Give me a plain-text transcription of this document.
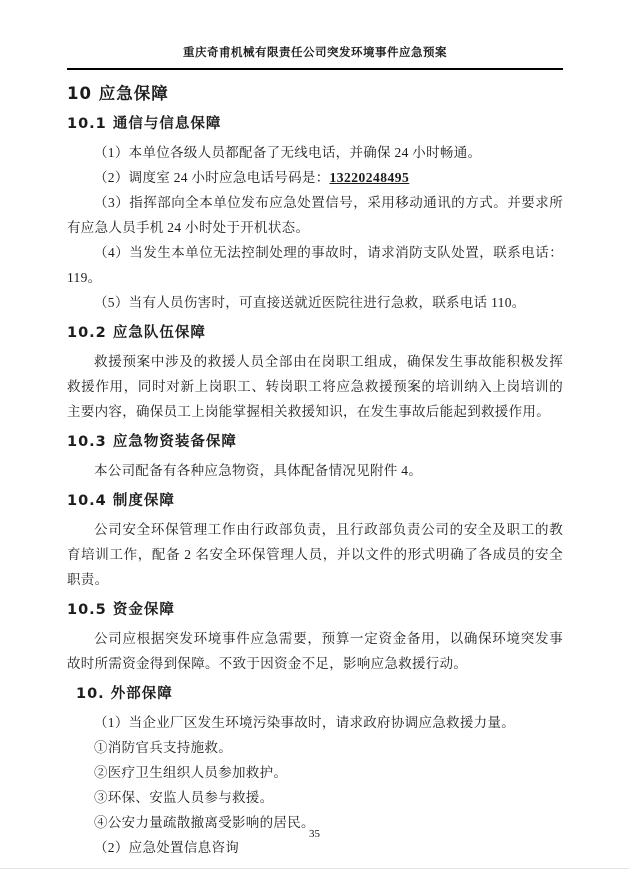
重庆奇甫机械有限责任公司突发环境事件应急预案
10 应急保障
10.1 通信与信息保障

（1）本单位各级人员都配备了无线电话，并确保 24 小时畅通。

（2）调度室 24 小时应急电话号码是：13220248495

（3）指挥部向全本单位发布应急处置信号，采用移动通讯的方式。并要求所有应急人员手机 24 小时处于开机状态。

（4）当发生本单位无法控制处理的事故时，请求消防支队处置，联系电话：119。

（5）当有人员伤害时，可直接送就近医院往进行急救，联系电话 110。

10.2 应急队伍保障

救援预案中涉及的救援人员全部由在岗职工组成，确保发生事故能积极发挥救援作用，同时对新上岗职工、转岗职工将应急救援预案的培训纳入上岗培训的主要内容，确保员工上岗能掌握相关救援知识，在发生事故后能起到救援作用。

10.3 应急物资装备保障

本公司配备有各种应急物资，具体配备情况见附件 4。

10.4 制度保障

公司安全环保管理工作由行政部负责，且行政部负责公司的安全及职工的教育培训工作，配备 2 名安全环保管理人员，并以文件的形式明确了各成员的安全职责。

10.5 资金保障

公司应根据突发环境事件应急需要，预算一定资金备用，以确保环境突发事故时所需资金得到保障。不致于因资金不足，影响应急救援行动。

10. 外部保障

（1）当企业厂区发生环境污染事故时，请求政府协调应急救援力量。

①消防官兵支持施救。

②医疗卫生组织人员参加救护。

③环保、安监人员参与救援。

④公安力量疏散撤离受影响的居民。

（2）应急处置信息咨询

35
